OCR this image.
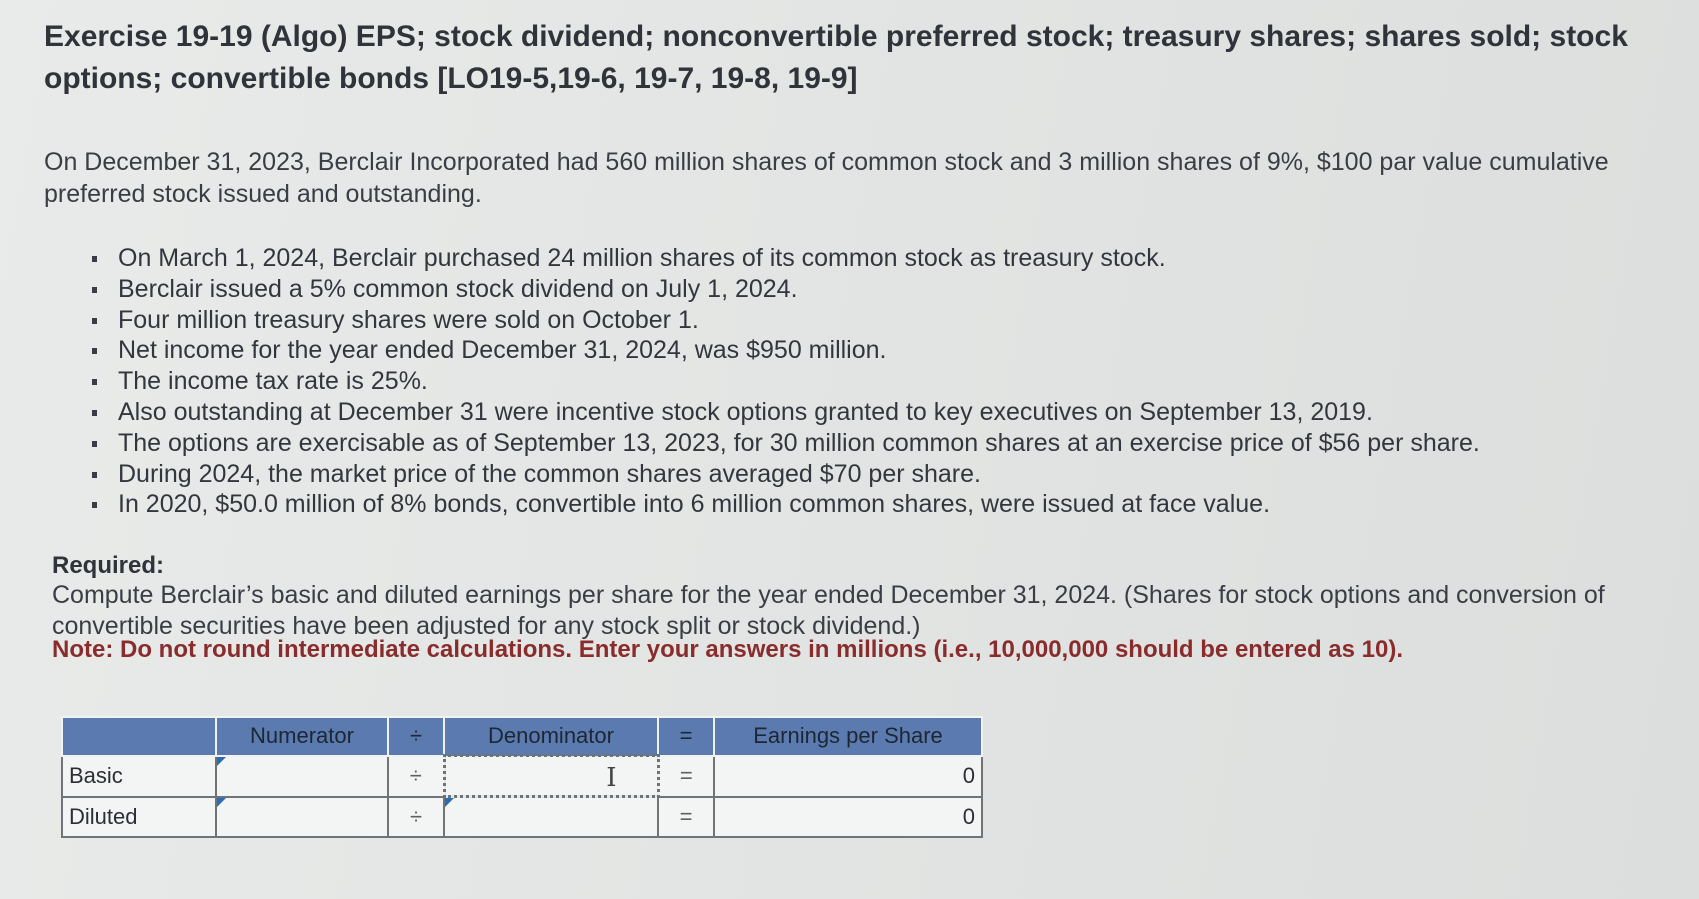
Exercise 19-19 (Algo) EPS; stock dividend; nonconvertible preferred stock; treasury shares; shares sold; stock options; convertible bonds [LO19-5,19-6, 19-7, 19-8, 19-9]

On December 31, 2023, Berclair Incorporated had 560 million shares of common stock and 3 million shares of 9%, $100 par value cumulative preferred stock issued and outstanding.

On March 1, 2024, Berclair purchased 24 million shares of its common stock as treasury stock.
Berclair issued a 5% common stock dividend on July 1, 2024.
Four million treasury shares were sold on October 1.
Net income for the year ended December 31, 2024, was $950 million.
The income tax rate is 25%.
Also outstanding at December 31 were incentive stock options granted to key executives on September 13, 2019.
The options are exercisable as of September 13, 2023, for 30 million common shares at an exercise price of $56 per share.
During 2024, the market price of the common shares averaged $70 per share.
In 2020, $50.0 million of 8% bonds, convertible into 6 million common shares, were issued at face value.

Required:

Compute Berclair’s basic and diluted earnings per share for the year ended December 31, 2024. (Shares for stock options and conversion of convertible securities have been adjusted for any stock split or stock dividend.)

Note: Do not round intermediate calculations. Enter your answers in millions (i.e., 10,000,000 should be entered as 10).

	Numerator	÷	Denominator	=	Earnings per Share
Basic		÷	I	=	0
Diluted		÷		=	0
